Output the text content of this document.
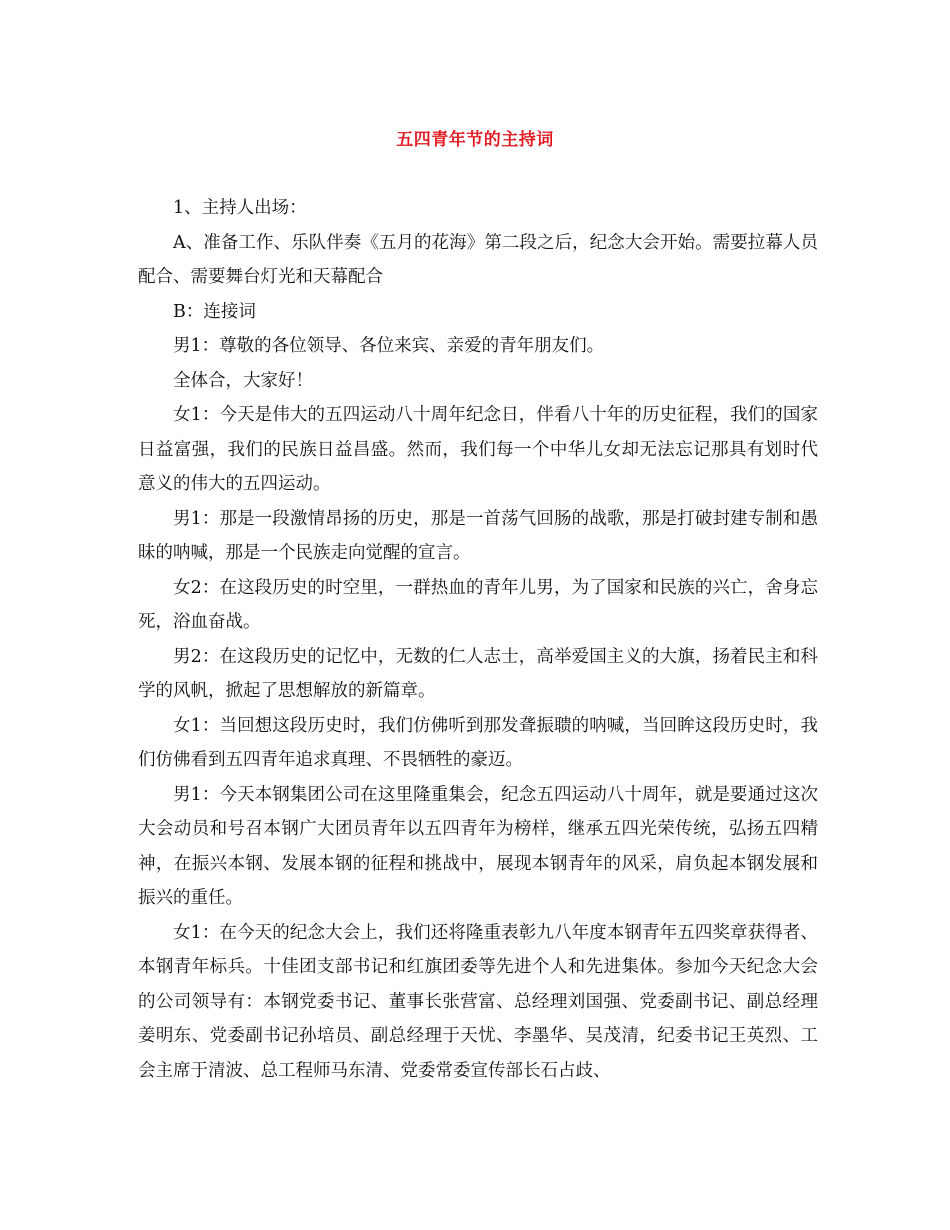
五四青年节的主持词

1、主持人出场：

A、准备工作、乐队伴奏《五月的花海》第二段之后，纪念大会开始。需要拉幕人员配合、需要舞台灯光和天幕配合

B：连接词

男1：尊敬的各位领导、各位来宾、亲爱的青年朋友们。

全体合，大家好！

女1：今天是伟大的五四运动八十周年纪念日，伴看八十年的历史征程，我们的国家日益富强，我们的民族日益昌盛。然而，我们每一个中华儿女却无法忘记那具有划时代意义的伟大的五四运动。

男1：那是一段激情昂扬的历史，那是一首荡气回肠的战歌，那是打破封建专制和愚昧的呐喊，那是一个民族走向觉醒的宣言。

女2：在这段历史的时空里，一群热血的青年儿男，为了国家和民族的兴亡，舍身忘死，浴血奋战。

男2：在这段历史的记忆中，无数的仁人志士，高举爱国主义的大旗，扬着民主和科学的风帆，掀起了思想解放的新篇章。

女1：当回想这段历史时，我们仿佛听到那发聋振聩的呐喊，当回眸这段历史时，我们仿佛看到五四青年追求真理、不畏牺牲的豪迈。

男1：今天本钢集团公司在这里隆重集会，纪念五四运动八十周年，就是要通过这次大会动员和号召本钢广大团员青年以五四青年为榜样，继承五四光荣传统，弘扬五四精神，在振兴本钢、发展本钢的征程和挑战中，展现本钢青年的风采，肩负起本钢发展和振兴的重任。

女1：在今天的纪念大会上，我们还将隆重表彰九八年度本钢青年五四奖章获得者、本钢青年标兵。十佳团支部书记和红旗团委等先进个人和先进集体。参加今天纪念大会的公司领导有：本钢党委书记、董事长张营富、总经理刘国强、党委副书记、副总经理姜明东、党委副书记孙培员、副总经理于天忧、李墨华、吴茂清，纪委书记王英烈、工会主席于清波、总工程师马东清、党委常委宣传部长石占歧、
